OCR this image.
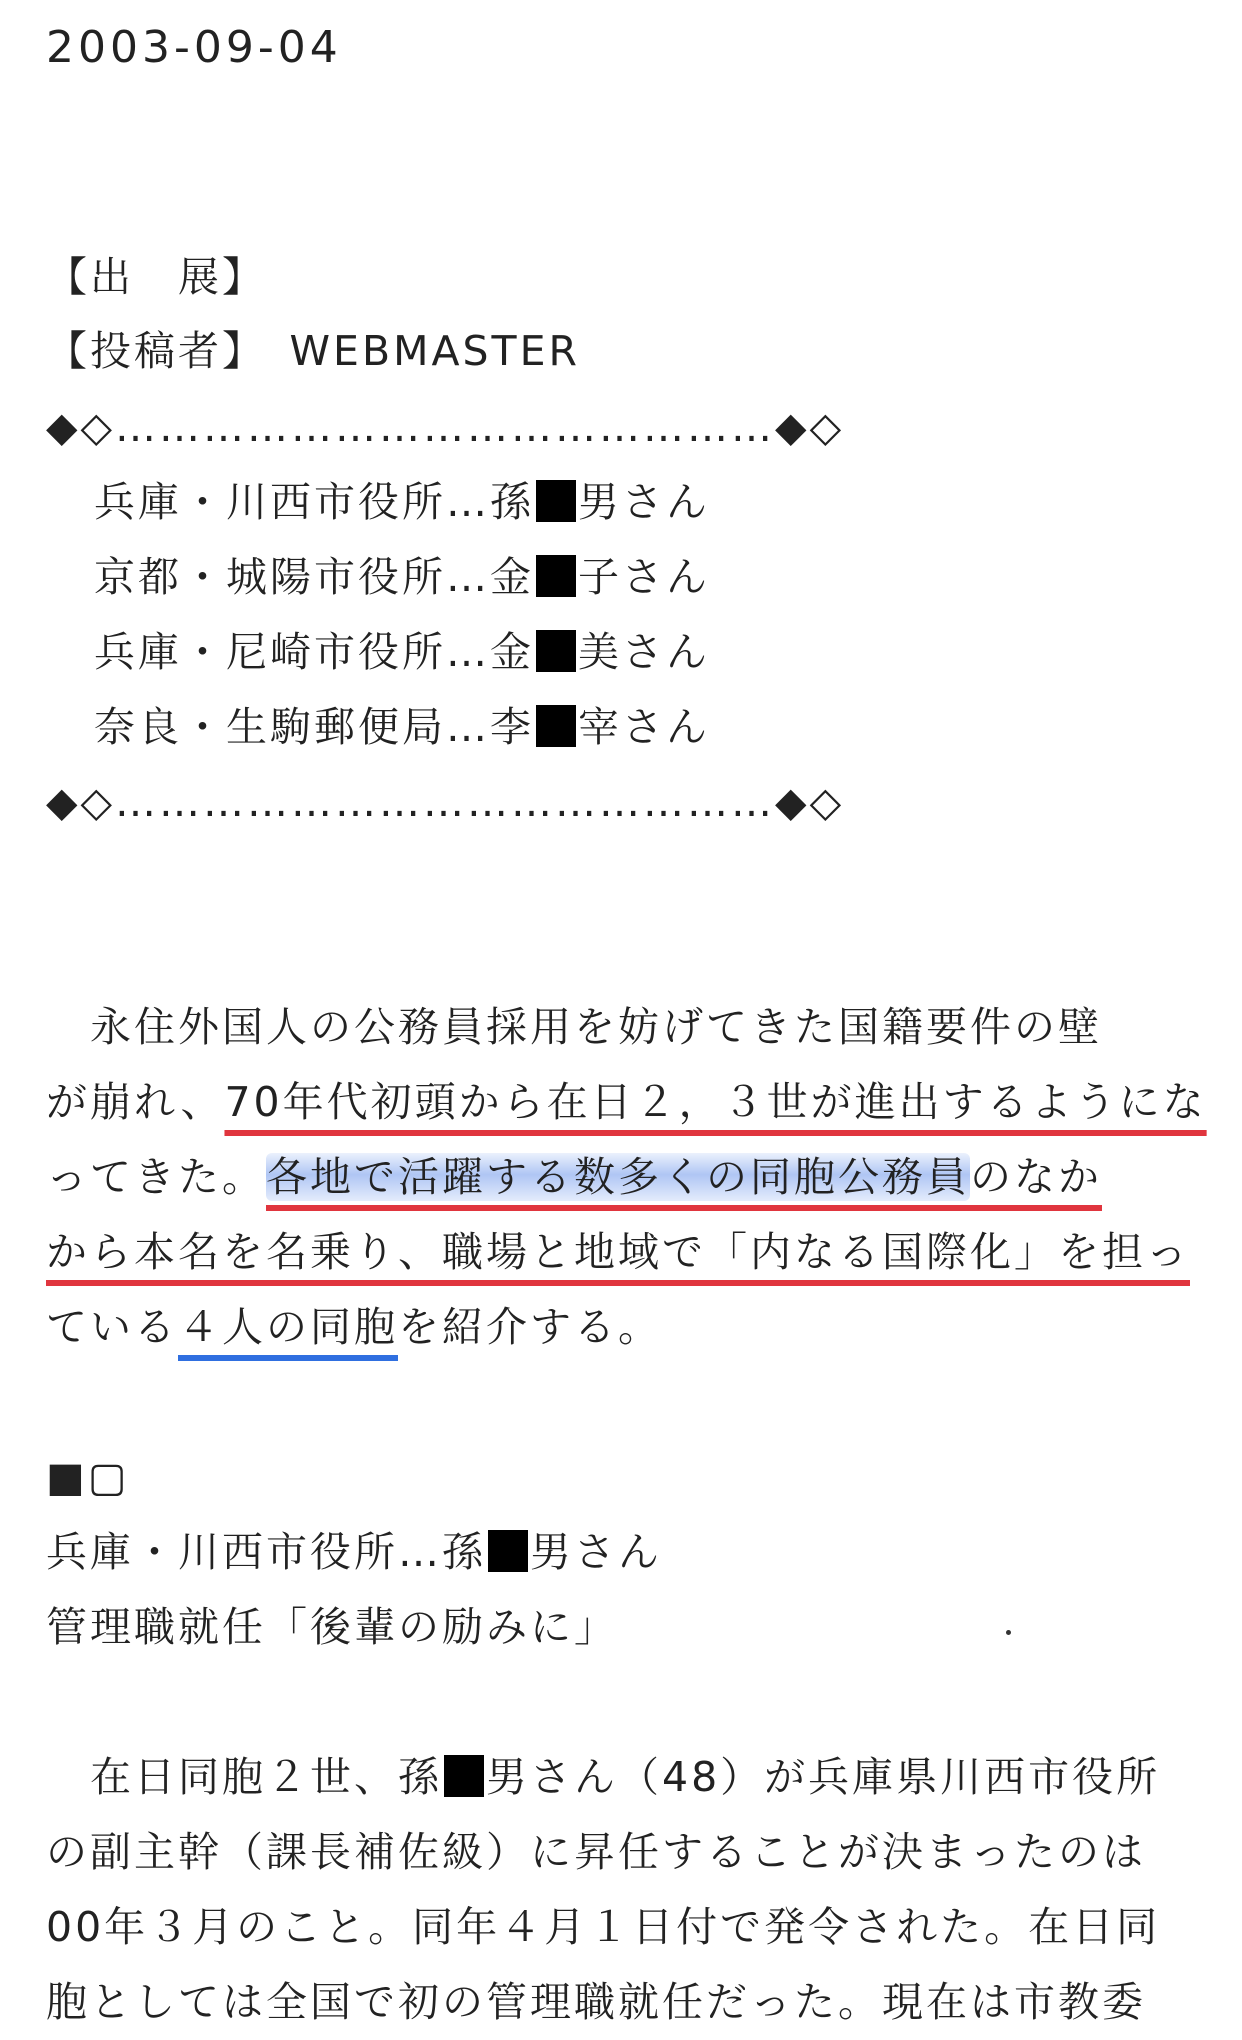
2003-09-04
【出　展】
【投稿者】　WEBMASTER
◆◇………………………………………◆◇
兵庫・川西市役所…孫 男さん
京都・城陽市役所…金 子さん
兵庫・尼崎市役所…金 美さん
奈良・生駒郵便局…李 宰さん
◆◇………………………………………◆◇

　永住外国人の公務員採用を妨げてきた国籍要件の壁

が崩れ、70年代初頭から在日２，３世が進出するようにな

ってきた。各地で活躍する数多くの同胞公務員のなか

から本名を名乗り、職場と地域で「内なる国際化」を担っ

ている４人の同胞を紹介する。

■▢
兵庫・川西市役所…孫 男さん
管理職就任「後輩の励みに」

　在日同胞２世、孫 男さん（48）が兵庫県川西市役所

の副主幹（課長補佐級）に昇任することが決まったのは

00年３月のこと。同年４月１日付で発令された。在日同

胞としては全国で初の管理職就任だった。現在は市教委
